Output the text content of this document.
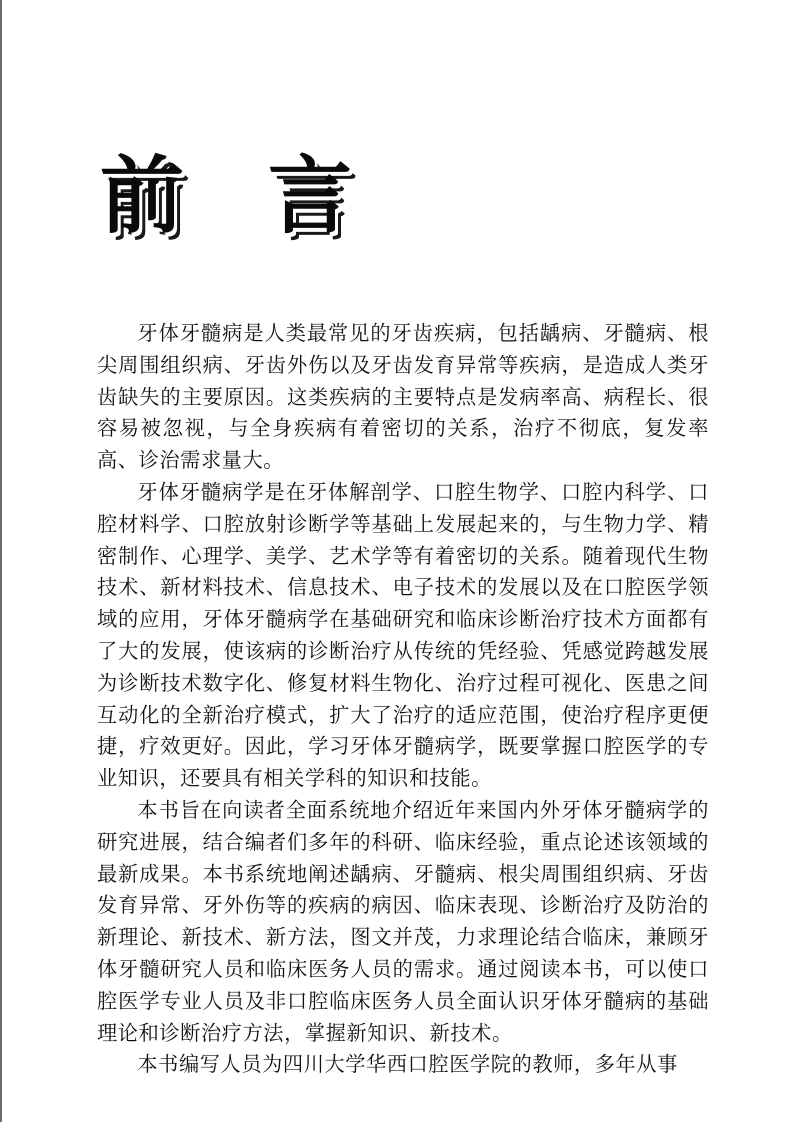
前 言

牙体牙髓病是人类最常见的牙齿疾病，包括龋病、牙髓病、根尖周围组织病、牙齿外伤以及牙齿发育异常等疾病，是造成人类牙齿缺失的主要原因。这类疾病的主要特点是发病率高、病程长、很容易被忽视，与全身疾病有着密切的关系，治疗不彻底，复发率高、诊治需求量大。

牙体牙髓病学是在牙体解剖学、口腔生物学、口腔内科学、口腔材料学、口腔放射诊断学等基础上发展起来的，与生物力学、精密制作、心理学、美学、艺术学等有着密切的关系。随着现代生物技术、新材料技术、信息技术、电子技术的发展以及在口腔医学领域的应用，牙体牙髓病学在基础研究和临床诊断治疗技术方面都有了大的发展，使该病的诊断治疗从传统的凭经验、凭感觉跨越发展为诊断技术数字化、修复材料生物化、治疗过程可视化、医患之间互动化的全新治疗模式，扩大了治疗的适应范围，使治疗程序更便捷，疗效更好。因此，学习牙体牙髓病学，既要掌握口腔医学的专业知识，还要具有相关学科的知识和技能。

本书旨在向读者全面系统地介绍近年来国内外牙体牙髓病学的研究进展，结合编者们多年的科研、临床经验，重点论述该领域的最新成果。本书系统地阐述龋病、牙髓病、根尖周围组织病、牙齿发育异常、牙外伤等的疾病的病因、临床表现、诊断治疗及防治的新理论、新技术、新方法，图文并茂，力求理论结合临床，兼顾牙体牙髓研究人员和临床医务人员的需求。通过阅读本书，可以使口腔医学专业人员及非口腔临床医务人员全面认识牙体牙髓病的基础理论和诊断治疗方法，掌握新知识、新技术。

本书编写人员为四川大学华西口腔医学院的教师，多年从事
